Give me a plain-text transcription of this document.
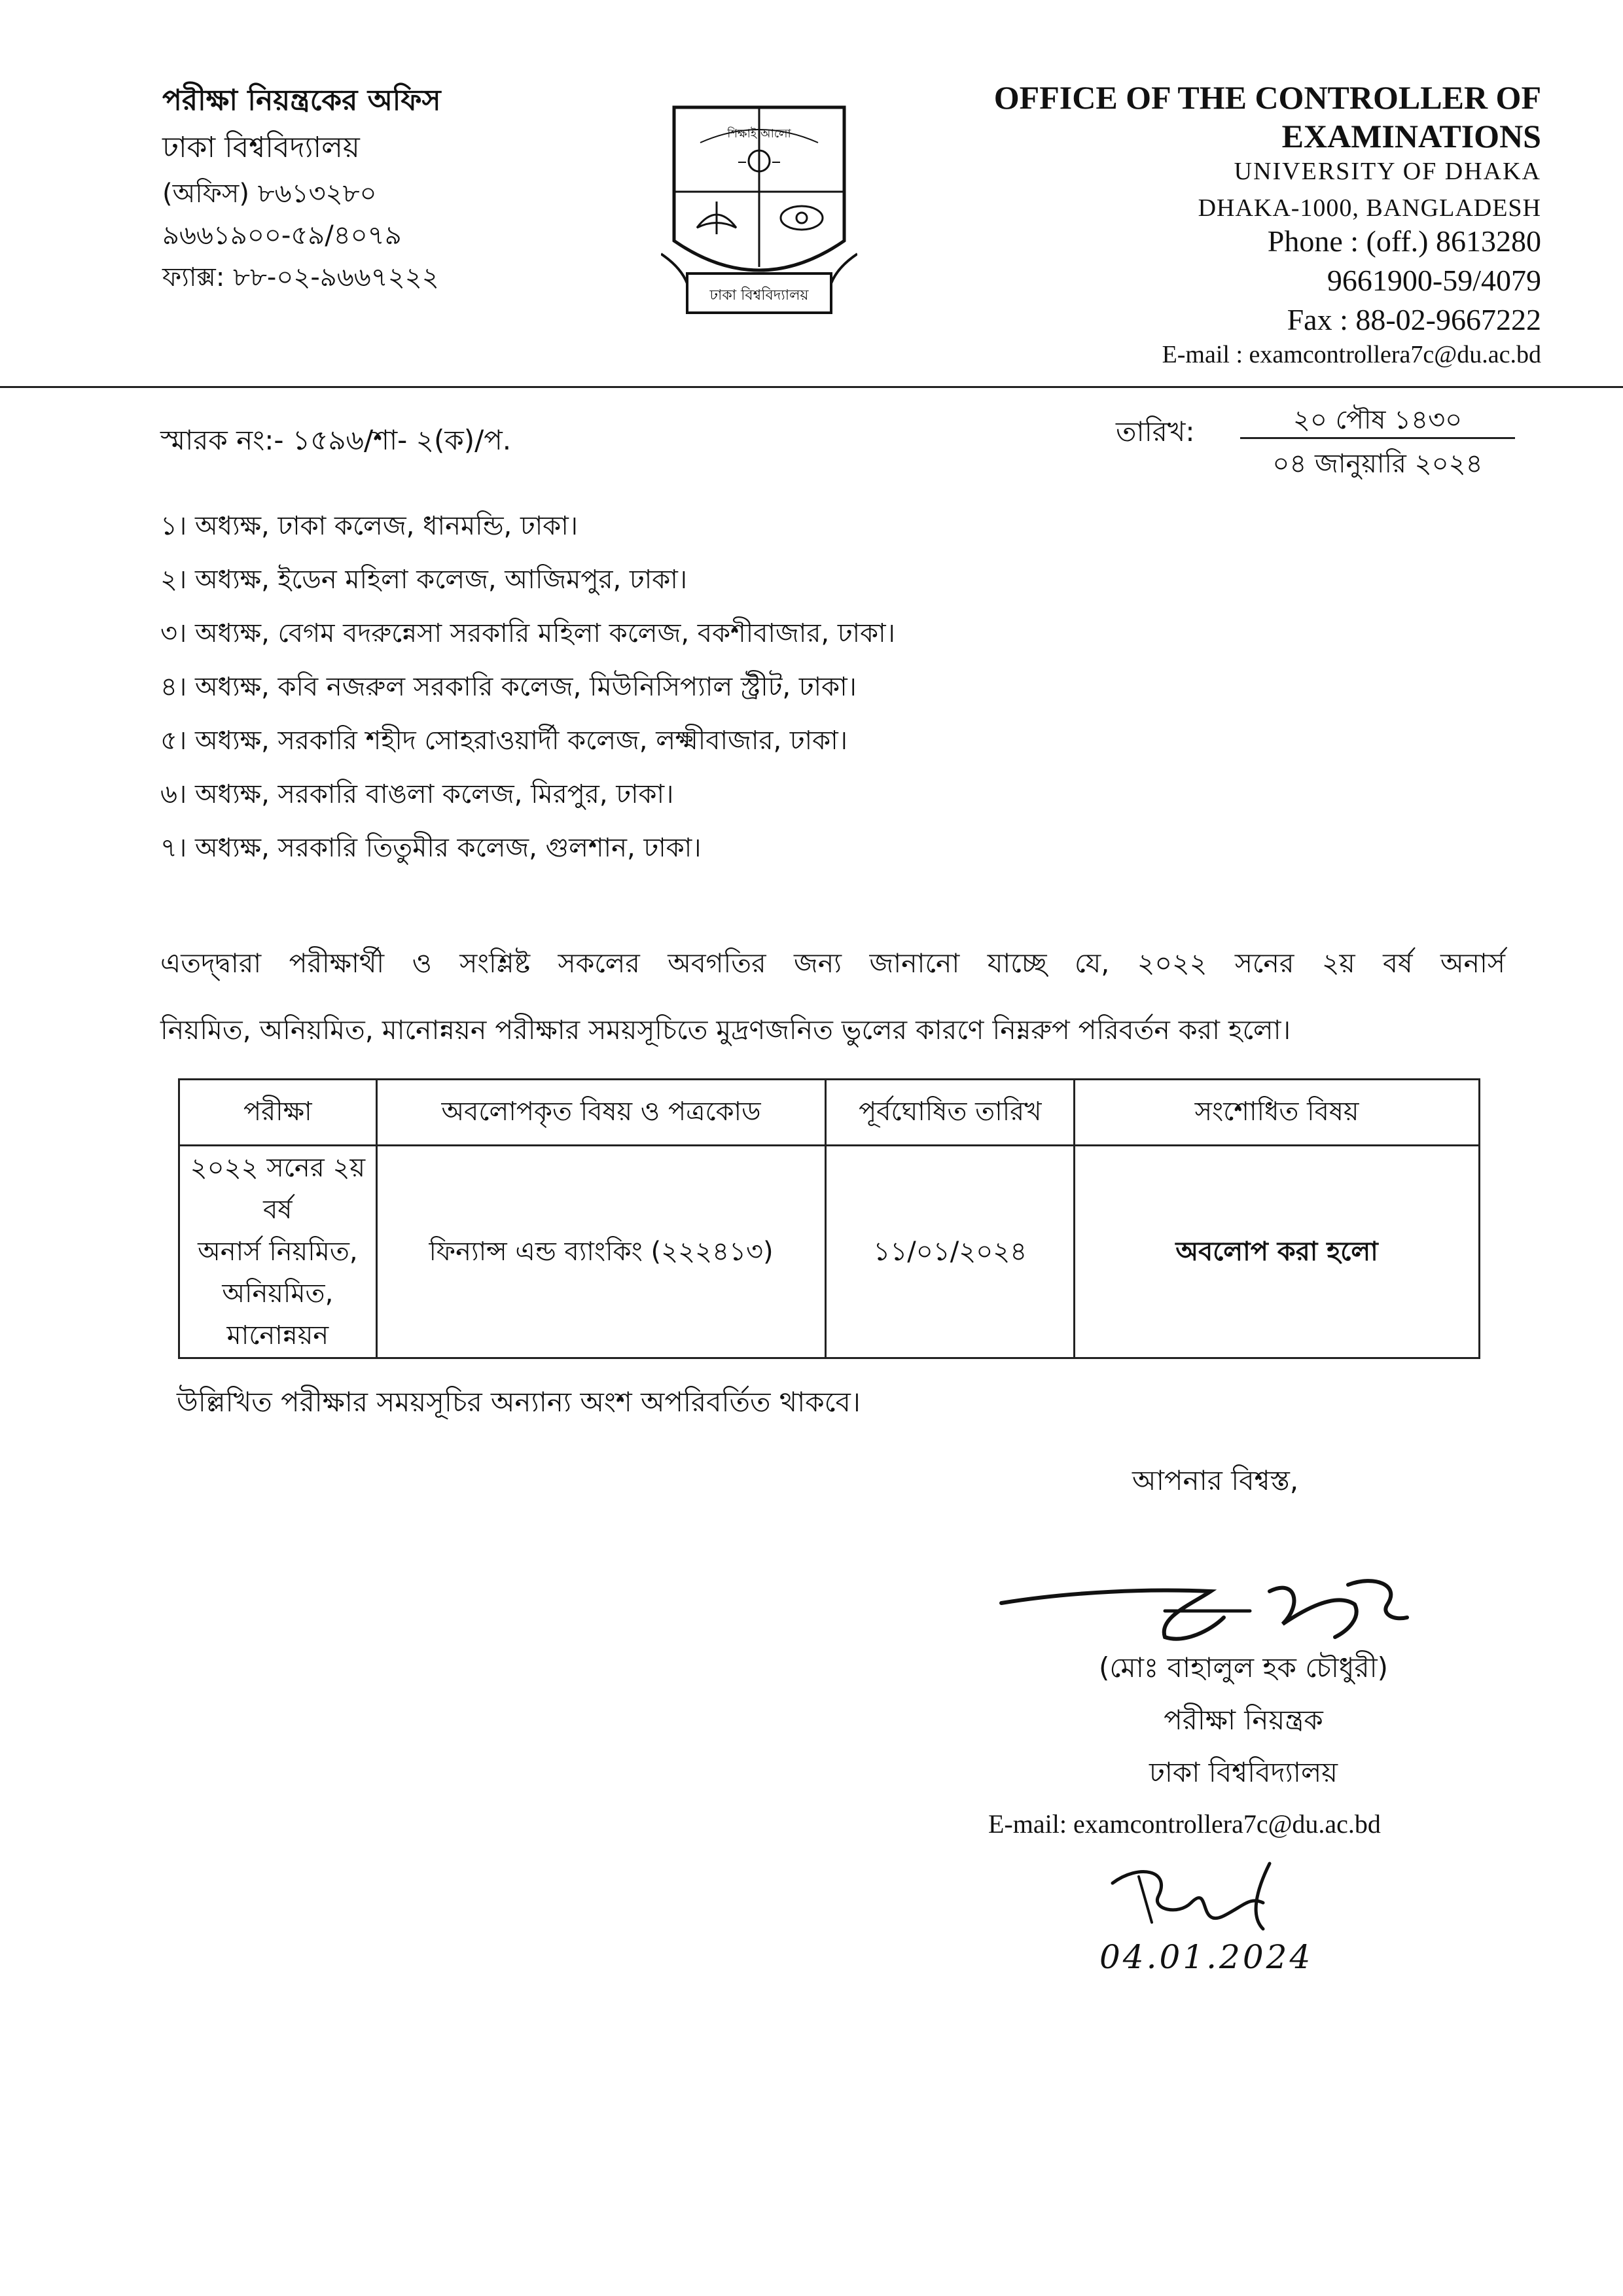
পরীক্ষা নিয়ন্ত্রকের অফিস
ঢাকা বিশ্ববিদ্যালয়
(অফিস) ৮৬১৩২৮০
৯৬৬১৯০০-৫৯/৪০৭৯
ফ্যাক্স: ৮৮-০২-৯৬৬৭২২২
ঢাকা বিশ্ববিদ্যালয়
শিক্ষাই আলো
OFFICE OF THE CONTROLLER OF
EXAMINATIONS
UNIVERSITY OF DHAKA
DHAKA-1000, BANGLADESH
Phone : (off.) 8613280
9661900-59/4079
Fax : 88-02-9667222
E-mail : examcontrollera7c@du.ac.bd
স্মারক নং:- ১৫৯৬/শা- ২(ক)/প.	তারিখ:	২০ পৌষ ১৪৩০
০৪ জানুয়ারি ২০২৪
১। অধ্যক্ষ, ঢাকা কলেজ, ধানমন্ডি, ঢাকা।
২। অধ্যক্ষ, ইডেন মহিলা কলেজ, আজিমপুর, ঢাকা।
৩। অধ্যক্ষ, বেগম বদরুন্নেসা সরকারি মহিলা কলেজ, বকশীবাজার, ঢাকা।
৪। অধ্যক্ষ, কবি নজরুল সরকারি কলেজ, মিউনিসিপ্যাল স্ট্রীট, ঢাকা।
৫। অধ্যক্ষ, সরকারি শহীদ সোহরাওয়ার্দী কলেজ, লক্ষ্মীবাজার, ঢাকা।
৬। অধ্যক্ষ, সরকারি বাঙলা কলেজ, মিরপুর, ঢাকা।
৭। অধ্যক্ষ, সরকারি তিতুমীর কলেজ, গুলশান, ঢাকা।
এতদ্দ্বারা পরীক্ষার্থী ও সংশ্লিষ্ট সকলের অবগতির জন্য জানানো যাচ্ছে যে, ২০২২ সনের ২য় বর্ষ অনার্স
নিয়মিত, অনিয়মিত, মানোন্নয়ন পরীক্ষার সময়সূচিতে মুদ্রণজনিত ভুলের কারণে নিম্নরুপ পরিবর্তন করা হলো।
পরীক্ষা	অবলোপকৃত বিষয় ও পত্রকোড	পূর্বঘোষিত তারিখ	সংশোধিত বিষয়

২০২২ সনের ২য় বর্ষ
অনার্স নিয়মিত,
অনিয়মিত, মানোন্নয়ন	ফিন্যান্স এন্ড ব্যাংকিং (২২২৪১৩)	১১/০১/২০২৪	অবলোপ করা হলো
উল্লিখিত পরীক্ষার সময়সূচির অন্যান্য অংশ অপরিবর্তিত থাকবে।
আপনার বিশ্বস্ত,
(মোঃ বাহালুল হক চৌধুরী)
পরীক্ষা নিয়ন্ত্রক
ঢাকা বিশ্ববিদ্যালয়
E-mail: examcontrollera7c@du.ac.bd
04.01.2024
